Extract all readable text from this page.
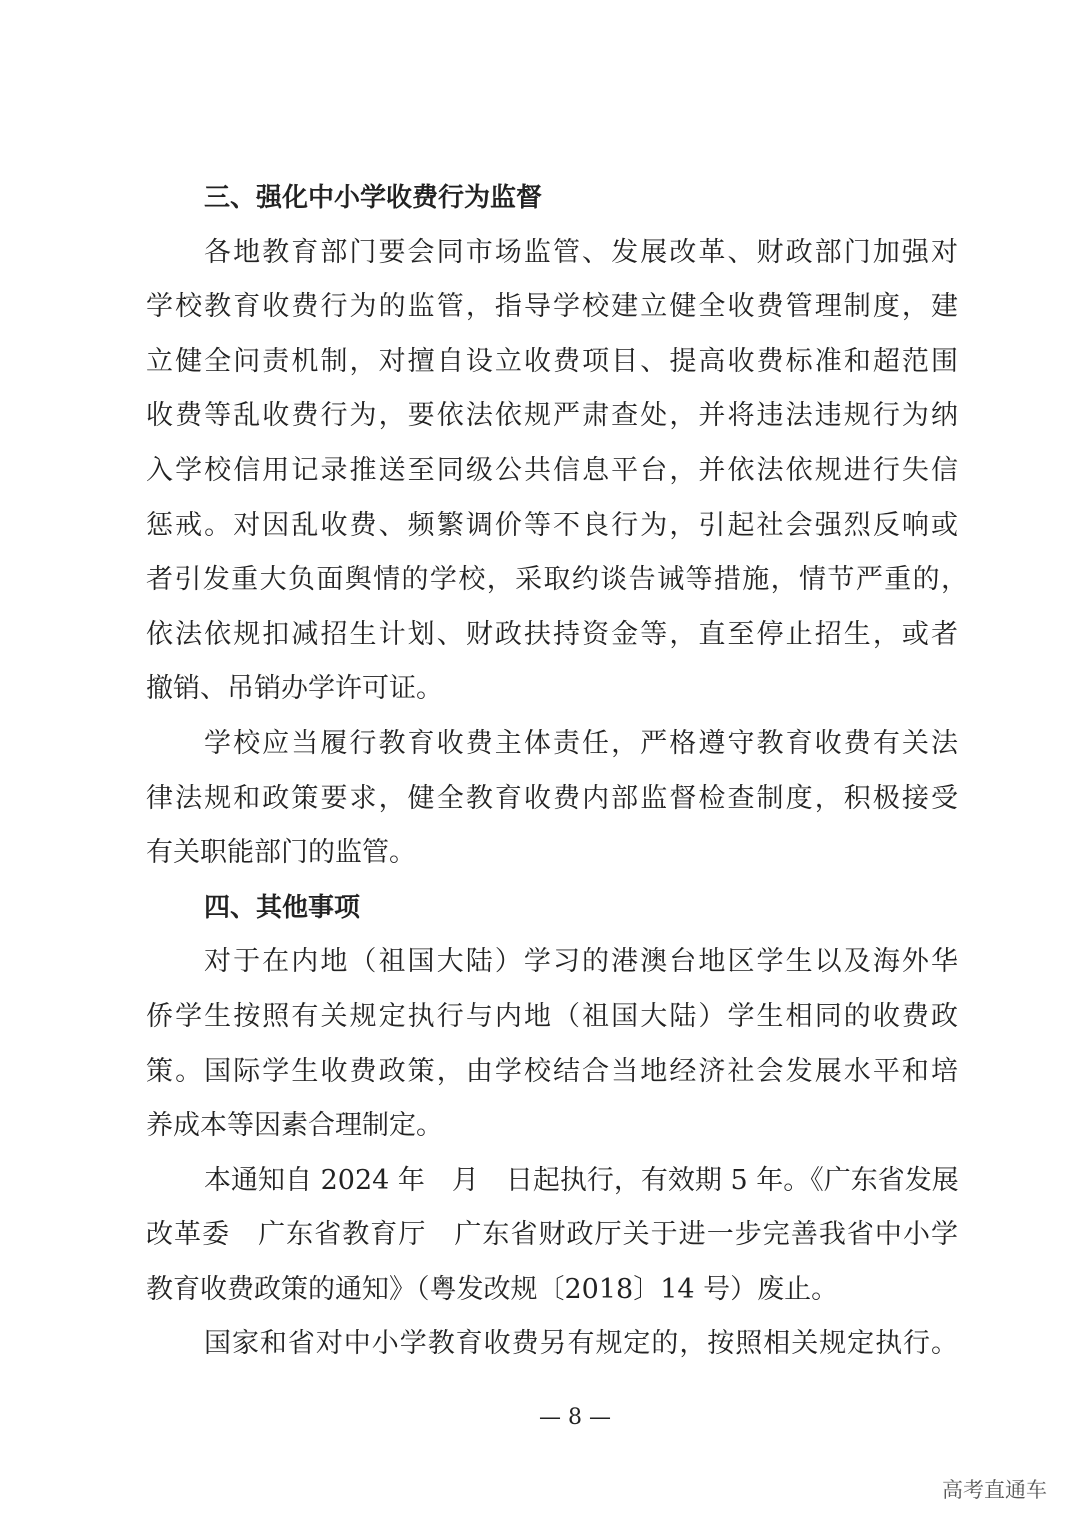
三、强化中小学收费行为监督
各地教育部门要会同市场监管、发展改革、财政部门加强对
学校教育收费行为的监管，指导学校建立健全收费管理制度，建
立健全问责机制，对擅自设立收费项目、提高收费标准和超范围
收费等乱收费行为，要依法依规严肃查处，并将违法违规行为纳
入学校信用记录推送至同级公共信息平台，并依法依规进行失信
惩戒。对因乱收费、频繁调价等不良行为，引起社会强烈反响或
者引发重大负面舆情的学校，采取约谈告诫等措施，情节严重的，
依法依规扣减招生计划、财政扶持资金等，直至停止招生，或者
撤销、吊销办学许可证。
学校应当履行教育收费主体责任，严格遵守教育收费有关法
律法规和政策要求，健全教育收费内部监督检查制度，积极接受
有关职能部门的监管。
四、其他事项
对于在内地（祖国大陆）学习的港澳台地区学生以及海外华
侨学生按照有关规定执行与内地（祖国大陆）学生相同的收费政
策。国际学生收费政策，由学校结合当地经济社会发展水平和培
养成本等因素合理制定。
本通知自 2024 年　月　日起执行，有效期 5 年。《广东省发展
改革委　广东省教育厅　广东省财政厅关于进一步完善我省中小学
教育收费政策的通知》（粤发改规〔2018〕14 号）废止。
国家和省对中小学教育收费另有规定的，按照相关规定执行。
— 8 —
高考直通车
